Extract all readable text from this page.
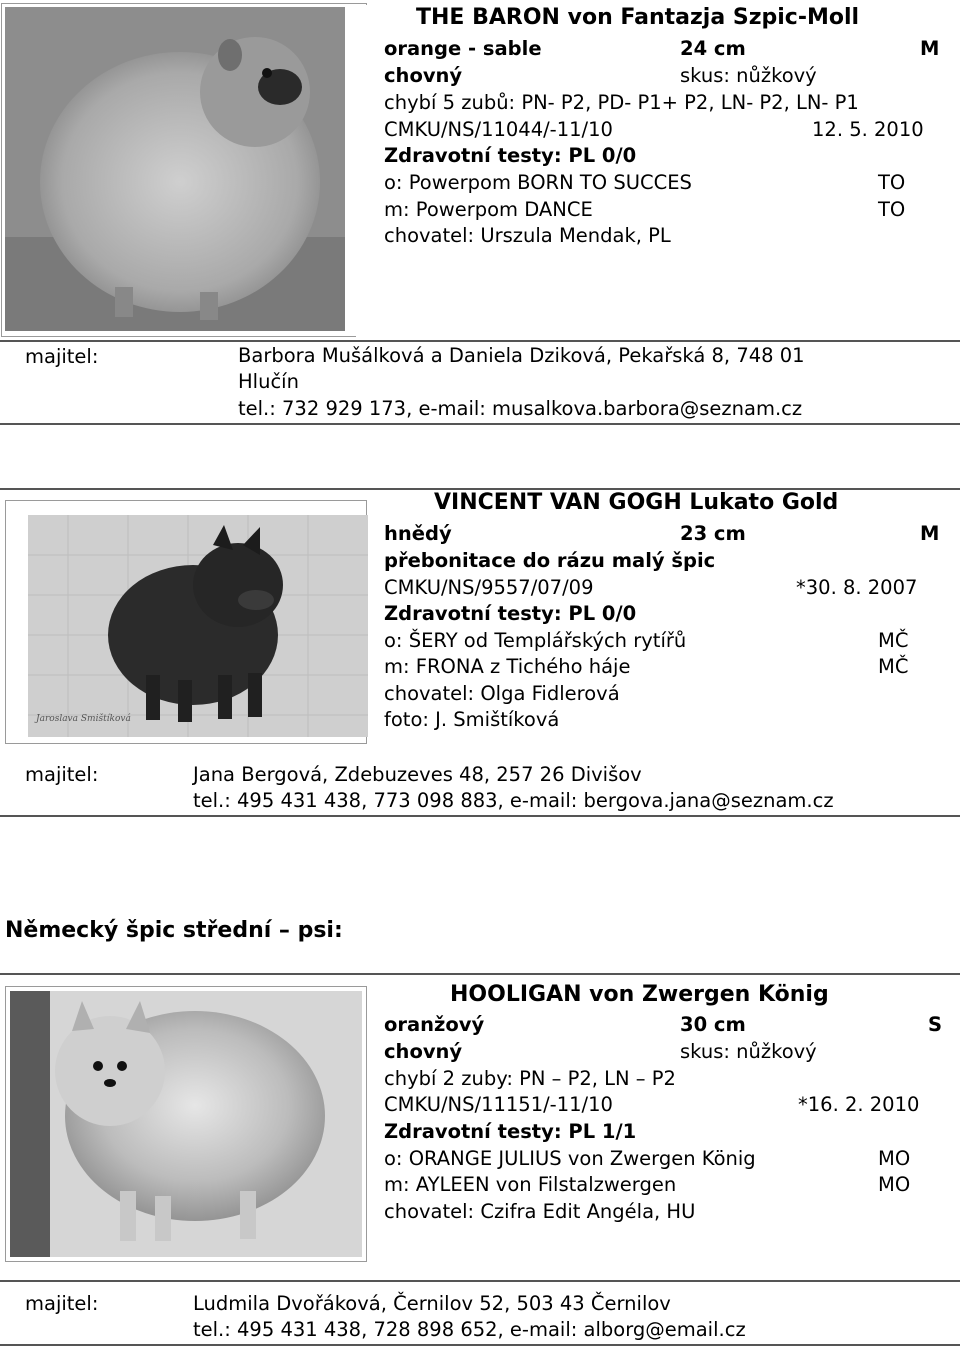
THE BARON von Fantazja Szpic-Moll
orange - sable	24 cm	M
chovný	skus: nůžkový
chybí 5 zubů: PN- P2, PD- P1+ P2, LN- P2, LN- P1
CMKU/NS/11044/-11/10	12. 5. 2010
Zdravotní testy: PL 0/0
o: Powerpom BORN TO SUCCES	TO
m: Powerpom DANCE	TO
chovatel: Urszula Mendak, PL
majitel:	Barbora Mušálková a Daniela Dziková, Pekařská 8, 748 01
Hlučín
tel.: 732 929 173, e-mail: musalkova.barbora@seznam.cz
Jaroslava Smištíková
VINCENT VAN GOGH Lukato Gold
hnědý	23 cm	M
přebonitace do rázu malý špic
CMKU/NS/9557/07/09	*30. 8. 2007
Zdravotní testy: PL 0/0
o: ŠERY od Templářských rytířů	MČ
m: FRONA z Tichého háje	MČ
chovatel: Olga Fidlerová
foto: J. Smištíková
majitel:	Jana Bergová, Zdebuzeves 48, 257 26 Divišov
tel.: 495 431 438, 773 098 883, e-mail: bergova.jana@seznam.cz
Německý špic střední – psi:
HOOLIGAN von Zwergen König
oranžový	30 cm	S
chovný	skus: nůžkový
chybí 2 zuby: PN – P2, LN – P2
CMKU/NS/11151/-11/10	*16. 2. 2010
Zdravotní testy: PL 1/1
o: ORANGE JULIUS von Zwergen König	MO
m: AYLEEN von Filstalzwergen	MO
chovatel: Czifra Edit Angéla, HU
majitel:	Ludmila Dvořáková, Černilov 52, 503 43 Černilov
tel.: 495 431 438, 728 898 652, e-mail: alborg@email.cz
